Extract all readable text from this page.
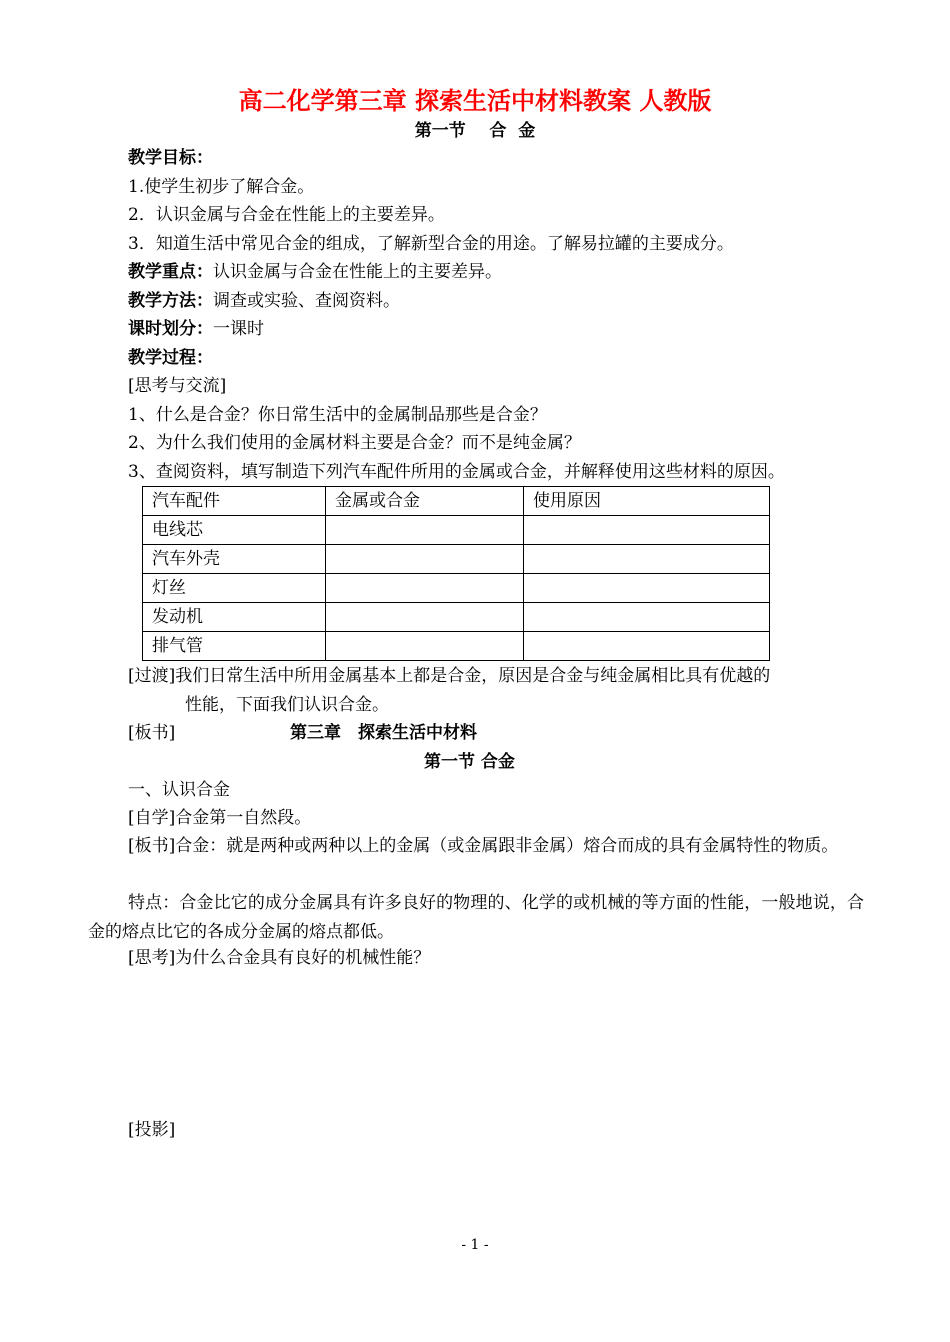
高二化学第三章 探索生活中材料教案 人教版
第一节    合  金
教学目标：
1.使学生初步了解合金。
2．认识金属与合金在性能上的主要差异。
3．知道生活中常见合金的组成，了解新型合金的用途。了解易拉罐的主要成分。
教学重点：认识金属与合金在性能上的主要差异。
教学方法：调查或实验、查阅资料。
课时划分：一课时
教学过程：
[思考与交流]
1、什么是合金？你日常生活中的金属制品那些是合金？
2、为什么我们使用的金属材料主要是合金？而不是纯金属？
3、查阅资料，填写制造下列汽车配件所用的金属或合金，并解释使用这些材料的原因。
汽车配件	金属或合金	使用原因
电线芯		
汽车外壳		
灯丝		
发动机		
排气管		
[过渡]我们日常生活中所用金属基本上都是合金，原因是合金与纯金属相比具有优越的
性能，下面我们认识合金。
[板书]	第三章　探索生活中材料
第一节 合金
一、认识合金
[自学]合金第一自然段。
[板书]合金：就是两种或两种以上的金属（或金属跟非金属）熔合而成的具有金属特性的物质。
特点：合金比它的成分金属具有许多良好的物理的、化学的或机械的等方面的性能，一般地说，合金的熔点比它的各成分金属的熔点都低。
[思考]为什么合金具有良好的机械性能？
[投影]
- 1 -
